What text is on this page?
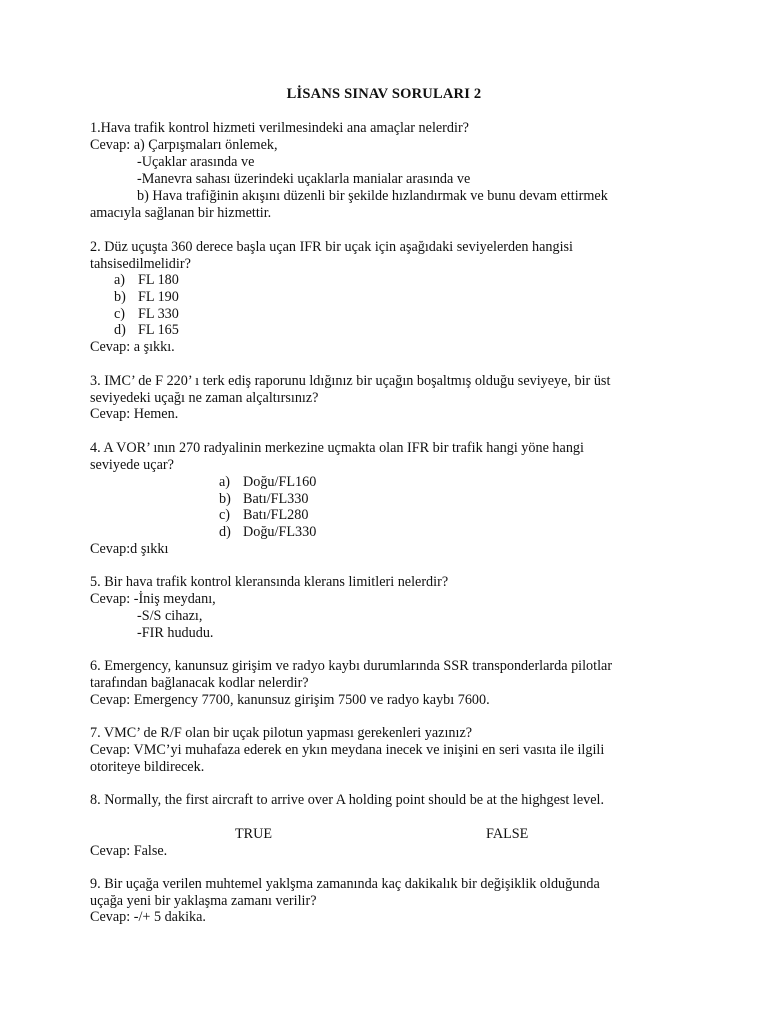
LİSANS SINAV SORULARI 2
1.Hava trafik kontrol hizmeti verilmesindeki ana amaçlar nelerdir?
Cevap: a) Çarpışmaları önlemek,
-Uçaklar arasında ve
-Manevra sahası üzerindeki uçaklarla manialar arasında ve
b) Hava trafiğinin akışını düzenli bir şekilde hızlandırmak ve bunu devam ettirmek
amacıyla sağlanan bir hizmettir.
2. Düz uçuşta 360 derece başla uçan IFR bir uçak için aşağıdaki seviyelerden hangisi
tahsisedilmelidir?
a) FL 180
b) FL 190
c) FL 330
d) FL 165
Cevap: a şıkkı.
3. IMC’ de F 220’ ı terk ediş raporunu ldığınız bir uçağın boşaltmış olduğu seviyeye, bir üst
seviyedeki uçağı ne zaman alçaltırsınız?
Cevap: Hemen.
4. A VOR’ ının 270 radyalinin merkezine uçmakta olan IFR bir trafik hangi yöne hangi
seviyede uçar?
a) Doğu/FL160
b) Batı/FL330
c) Batı/FL280
d) Doğu/FL330
Cevap:d şıkkı
5. Bir hava trafik kontrol kleransında klerans limitleri nelerdir?
Cevap: -İniş meydanı,
-S/S cihazı,
-FIR hududu.
6. Emergency, kanunsuz girişim ve radyo kaybı durumlarında SSR transponderlarda pilotlar
tarafından bağlanacak kodlar nelerdir?
Cevap: Emergency 7700, kanunsuz girişim 7500 ve radyo kaybı 7600.
7. VMC’ de R/F olan bir uçak pilotun yapması gerekenleri yazınız?
Cevap: VMC’yi muhafaza ederek en ykın meydana inecek ve inişini en seri vasıta ile ilgili
otoriteye bildirecek.
8. Normally, the first aircraft to arrive over A holding point should be at the highgest level.
TRUE	FALSE
Cevap: False.
9. Bir uçağa verilen muhtemel yaklşma zamanında kaç dakikalık bir değişiklik olduğunda
uçağa yeni bir yaklaşma zamanı verilir?
Cevap: -/+ 5 dakika.
